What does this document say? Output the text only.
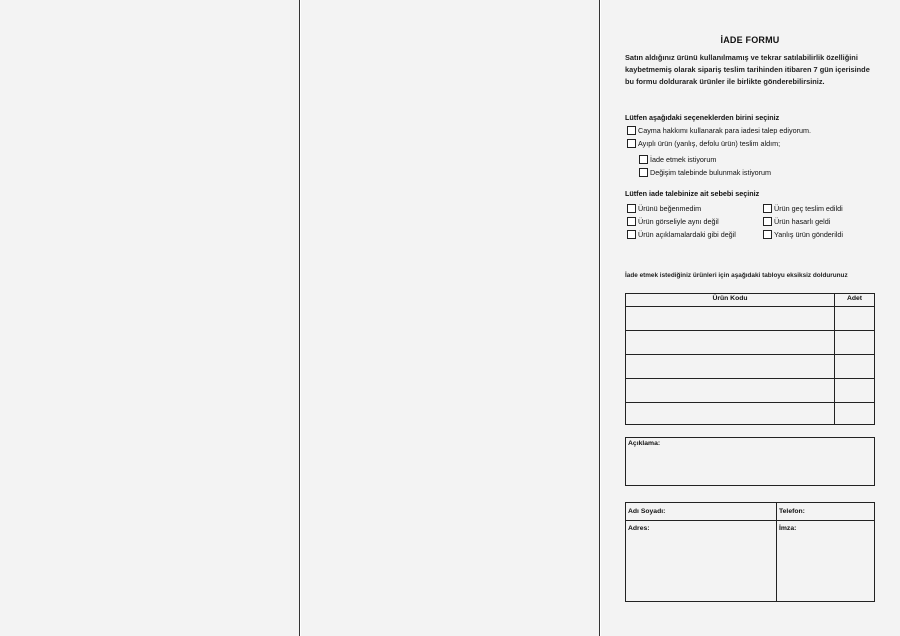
İADE FORMU
Satın aldığınız ürünü kullanılmamış ve tekrar satılabilirlik özelliğini
kaybetmemiş olarak sipariş teslim tarihinden itibaren 7 gün içerisinde
bu formu doldurarak ürünler ile birlikte gönderebilirsiniz.
Lütfen aşağıdaki seçeneklerden birini seçiniz
Cayma hakkımı kullanarak para iadesi talep ediyorum.
Ayıplı ürün (yanlış, defolu ürün) teslim aldım;
İade etmek istiyorum
Değişim talebinde bulunmak istiyorum
Lütfen iade talebinize ait sebebi seçiniz
Ürünü beğenmedim
Ürün görseliyle aynı değil
Ürün açıklamalardaki gibi değil
Ürün geç teslim edildi
Ürün hasarlı geldi
Yanlış ürün gönderildi
İade etmek istediğiniz ürünleri için aşağıdaki tabloyu eksiksiz doldurunuz
Ürün Kodu	Adet
Açıklama:
Adı Soyadı:	Telefon:
Adres:	İmza:
